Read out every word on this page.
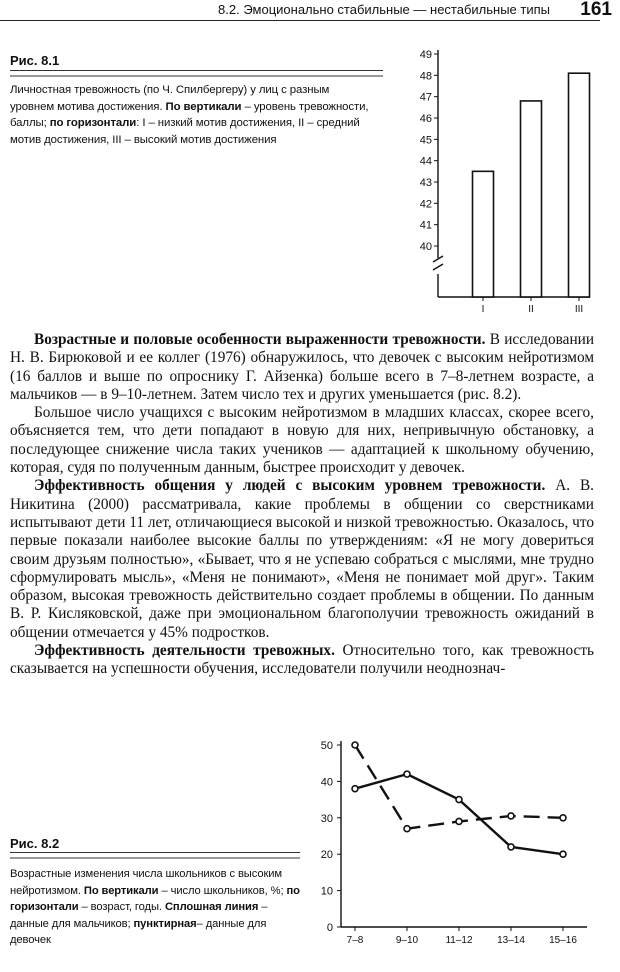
8.2. Эмоционально стабильные — нестабильные типы 161
Рис. 8.1
Личностная тревожность (по Ч. Спилбергеру) у лиц с разным уровнем мотива достижения. По вертикали – уровень тревожности, баллы; по горизонтали: I – низкий мотив достижения, II – средний мотив достижения, III – высокий мотив достижения
40
41
42
43
44
45
46
47
48
49
I	II	III

Возрастные и половые особенности выраженности тревожности. В исследовании Н. В. Бирюковой и ее коллег (1976) обнаружилось, что девочек с высоким нейротизмом (16 баллов и выше по опроснику Г. Айзенка) больше всего в 7–8-летнем возрасте, а мальчиков — в 9–10-летнем. Затем число тех и других уменьшается (рис. 8.2).

Большое число учащихся с высоким нейротизмом в младших классах, скорее всего, объясняется тем, что дети попадают в новую для них, непривычную обстановку, а последующее снижение числа таких учеников — адаптацией к школьному обучению, которая, судя по полученным данным, быстрее происходит у девочек.

Эффективность общения у людей с высоким уровнем тревожности. А. В. Никитина (2000) рассматривала, какие проблемы в общении со сверстниками испытывают дети 11 лет, отличающиеся высокой и низкой тревожностью. Оказалось, что первые показали наиболее высокие баллы по утверждениям: «Я не могу довериться своим друзьям полностью», «Бывает, что я не успеваю собраться с мыслями, мне трудно сформулировать мысль», «Меня не понимают», «Меня не понимает мой друг». Таким образом, высокая тревожность действительно создает проблемы в общении. По данным В. Р. Кисляковской, даже при эмоциональном благополучии тревожность ожиданий в общении отмечается у 45% подростков.

Эффективность деятельности тревожных. Относительно того, как тревожность сказывается на успешности обучения, исследователи получили неоднознач-

Рис. 8.2
Возрастные изменения числа школьников с высоким нейротизмом. По вертикали – число школьников, %; по горизонтали – возраст, годы. Сплошная линия – данные для мальчиков; пунктирная– данные для девочек
0
10
20
30
40
50
7–8	9–10	11–12 13–14 15–16
